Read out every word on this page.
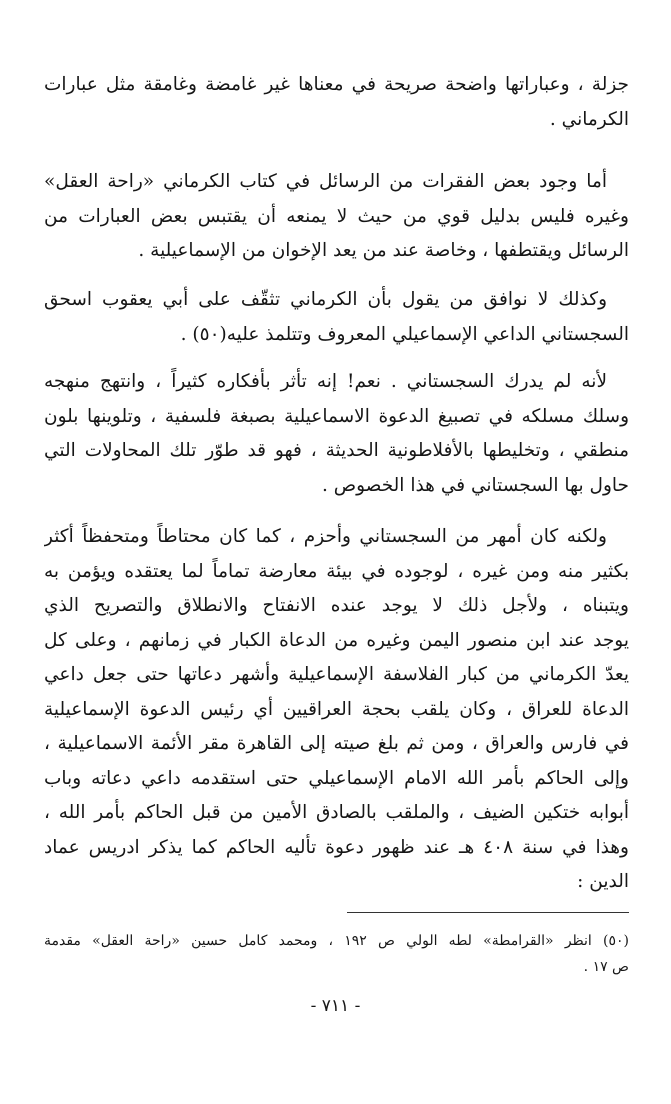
جزلة ، وعباراتها واضحة صريحة في معناها غير غامضة وغامقة مثل عبارات
الكرماني .
أما وجود بعض الفقرات من الرسائل في كتاب الكرماني «راحة العقل»
وغيره فليس بدليل قوي من حيث لا يمنعه أن يقتبس بعض العبارات من
الرسائل ويقتطفها ، وخاصة عند من يعد الإخوان من الإسماعيلية .
وكذلك لا نوافق من يقول بأن الكرماني تثقّف على أبي يعقوب اسحق
السجستاني الداعي الإسماعيلي المعروف وتتلمذ عليه(٥٠) .
لأنه لم يدرك السجستاني . نعم! إنه تأثر بأفكاره كثيراً ، وانتهج منهجه
وسلك مسلكه في تصبيغ الدعوة الاسماعيلية بصبغة فلسفية ، وتلوينها بلون
منطقي ، وتخليطها بالأفلاطونية الحديثة ، فهو قد طوّر تلك المحاولات التي
حاول بها السجستاني في هذا الخصوص .
ولكنه كان أمهر من السجستاني وأحزم ، كما كان محتاطاً ومتحفظاً أكثر
بكثير منه ومن غيره ، لوجوده في بيئة معارضة تماماً لما يعتقده ويؤمن به
ويتبناه ، ولأجل ذلك لا يوجد عنده الانفتاح والانطلاق والتصريح الذي
يوجد عند ابن منصور اليمن وغيره من الدعاة الكبار في زمانهم ، وعلى كل
يعدّ الكرماني من كبار الفلاسفة الإسماعيلية وأشهر دعاتها حتى جعل داعي
الدعاة للعراق ، وكان يلقب بحجة العراقيين أي رئيس الدعوة الإسماعيلية
في فارس والعراق ، ومن ثم بلغ صيته إلى القاهرة مقر الأئمة الاسماعيلية ،
وإلى الحاكم بأمر الله الامام الإسماعيلي حتى استقدمه داعي دعاته وباب
أبوابه ختكين الضيف ، والملقب بالصادق الأمين من قبل الحاكم بأمر الله ،
وهذا في سنة ٤٠٨ هـ عند ظهور دعوة تأليه الحاكم كما يذكر ادريس عماد
الدين :
(٥٠) انظر «القرامطة» لطه الولي ص ١٩٢ ، ومحمد كامل حسين «راحة العقل» مقدمة
ص ١٧ .
- ٧١١ -
